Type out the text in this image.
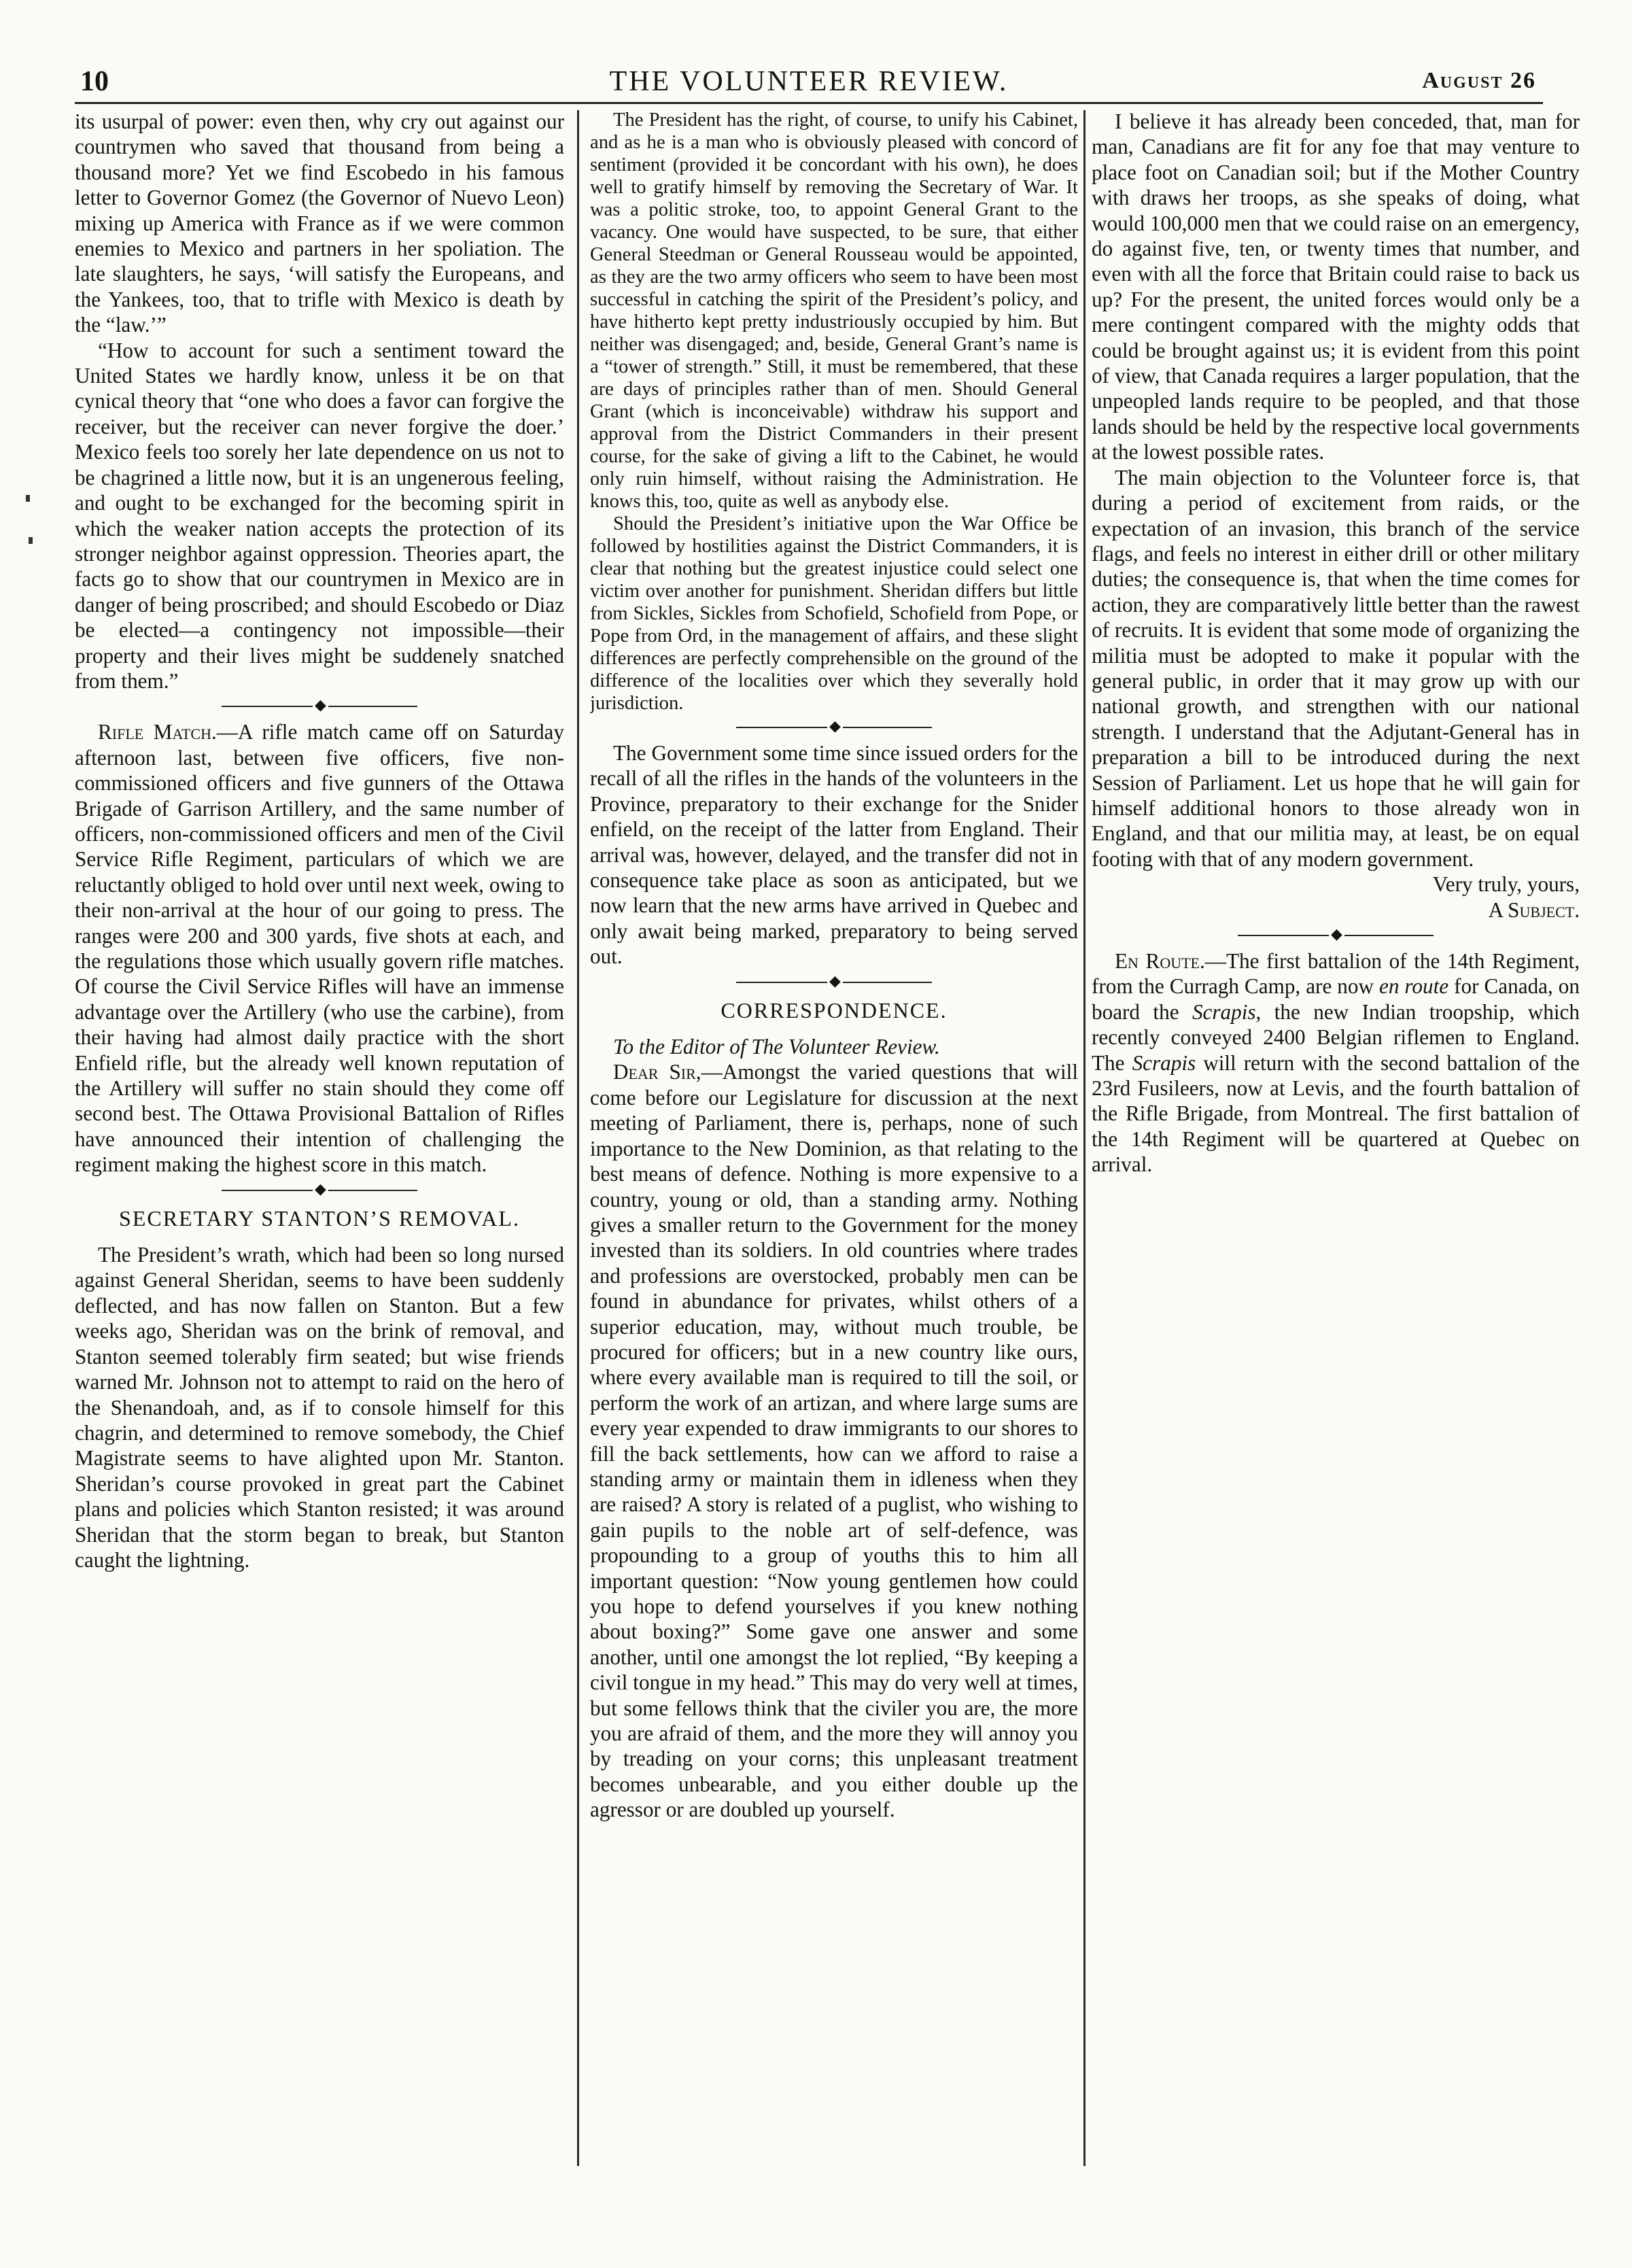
10	THE VOLUNTEER REVIEW.	August 26

its usurpal of power: even then, why cry out against our countrymen who saved that thousand from being a thousand more? Yet we find Escobedo in his famous letter to Governor Gomez (the Governor of Nuevo Leon) mixing up America with France as if we were common enemies to Mexico and partners in her spoliation. The late slaughters, he says, ‘will satisfy the Europeans, and the Yankees, too, that to trifle with Mexico is death by the “law.’”

“How to account for such a sentiment toward the United States we hardly know, unless it be on that cynical theory that “one who does a favor can forgive the receiver, but the receiver can never forgive the doer.’ Mexico feels too sorely her late dependence on us not to be chagrined a little now, but it is an ungenerous feeling, and ought to be exchanged for the becoming spirit in which the weaker nation accepts the protection of its stronger neighbor against oppression. Theories apart, the facts go to show that our countrymen in Mexico are in danger of being proscribed; and should Escobedo or Diaz be elected—a contingency not impossible—their property and their lives might be suddenely snatched from them.”

◆

Rifle Match.—A rifle match came off on Saturday afternoon last, between five officers, five non-commissioned officers and five gunners of the Ottawa Brigade of Garrison Artillery, and the same number of officers, non-commissioned officers and men of the Civil Service Rifle Regiment, particulars of which we are reluctantly obliged to hold over until next week, owing to their non-arrival at the hour of our going to press. The ranges were 200 and 300 yards, five shots at each, and the regulations those which usually govern rifle matches. Of course the Civil Service Rifles will have an immense advantage over the Artillery (who use the carbine), from their having had almost daily practice with the short Enfield rifle, but the already well known reputation of the Artillery will suffer no stain should they come off second best. The Ottawa Provisional Battalion of Rifles have announced their intention of challenging the regiment making the highest score in this match.

◆
SECRETARY STANTON’S REMOVAL.

The President’s wrath, which had been so long nursed against General Sheridan, seems to have been suddenly deflected, and has now fallen on Stanton. But a few weeks ago, Sheridan was on the brink of removal, and Stanton seemed tolerably firm seated; but wise friends warned Mr. Johnson not to attempt to raid on the hero of the Shenandoah, and, as if to console himself for this chagrin, and determined to remove somebody, the Chief Magistrate seems to have alighted upon Mr. Stanton. Sheridan’s course provoked in great part the Cabinet plans and policies which Stanton resisted; it was around Sheridan that the storm began to break, but Stanton caught the lightning.

The President has the right, of course, to unify his Cabinet, and as he is a man who is obviously pleased with concord of sentiment (provided it be concordant with his own), he does well to gratify himself by removing the Secretary of War. It was a politic stroke, too, to appoint General Grant to the vacancy. One would have suspected, to be sure, that either General Steedman or General Rousseau would be appointed, as they are the two army officers who seem to have been most successful in catching the spirit of the President’s policy, and have hitherto kept pretty industriously occupied by him. But neither was disengaged; and, beside, General Grant’s name is a “tower of strength.” Still, it must be remembered, that these are days of principles rather than of men. Should General Grant (which is inconceivable) withdraw his support and approval from the District Commanders in their present course, for the sake of giving a lift to the Cabinet, he would only ruin himself, without raising the Administration. He knows this, too, quite as well as anybody else.

Should the President’s initiative upon the War Office be followed by hostilities against the District Commanders, it is clear that nothing but the greatest injustice could select one victim over another for punishment. Sheridan differs but little from Sickles, Sickles from Schofield, Schofield from Pope, or Pope from Ord, in the management of affairs, and these slight differences are perfectly comprehensible on the ground of the difference of the localities over which they severally hold jurisdiction.

◆

The Government some time since issued orders for the recall of all the rifles in the hands of the volunteers in the Province, preparatory to their exchange for the Snider enfield, on the receipt of the latter from England. Their arrival was, however, delayed, and the transfer did not in consequence take place as soon as anticipated, but we now learn that the new arms have arrived in Quebec and only await being marked, preparatory to being served out.

◆
CORRESPONDENCE.

To the Editor of The Volunteer Review.

Dear Sir,—Amongst the varied questions that will come before our Legislature for discussion at the next meeting of Parliament, there is, perhaps, none of such importance to the New Dominion, as that relating to the best means of defence. Nothing is more expensive to a country, young or old, than a standing army. Nothing gives a smaller return to the Government for the money invested than its soldiers. In old countries where trades and professions are overstocked, probably men can be found in abundance for privates, whilst others of a superior education, may, without much trouble, be procured for officers; but in a new country like ours, where every available man is required to till the soil, or perform the work of an artizan, and where large sums are every year expended to draw immigrants to our shores to fill the back settlements, how can we afford to raise a standing army or maintain them in idleness when they are raised? A story is related of a puglist, who wishing to gain pupils to the noble art of self-defence, was propounding to a group of youths this to him all important question: “Now young gentlemen how could you hope to defend yourselves if you knew nothing about boxing?” Some gave one answer and some another, until one amongst the lot replied, “By keeping a civil tongue in my head.” This may do very well at times, but some fellows think that the civiler you are, the more you are afraid of them, and the more they will annoy you by treading on your corns; this unpleasant treatment becomes unbearable, and you either double up the agressor or are doubled up yourself.

I believe it has already been conceded, that, man for man, Canadians are fit for any foe that may venture to place foot on Canadian soil; but if the Mother Country with draws her troops, as she speaks of doing, what would 100,000 men that we could raise on an emergency, do against five, ten, or twenty times that number, and even with all the force that Britain could raise to back us up? For the present, the united forces would only be a mere contingent compared with the mighty odds that could be brought against us; it is evident from this point of view, that Canada requires a larger population, that the unpeopled lands require to be peopled, and that those lands should be held by the respective local governments at the lowest possible rates.

The main objection to the Volunteer force is, that during a period of excitement from raids, or the expectation of an invasion, this branch of the service flags, and feels no interest in either drill or other military duties; the consequence is, that when the time comes for action, they are comparatively little better than the rawest of recruits. It is evident that some mode of organizing the militia must be adopted to make it popular with the general public, in order that it may grow up with our national growth, and strengthen with our national strength. I understand that the Adjutant-General has in preparation a bill to be introduced during the next Session of Parliament. Let us hope that he will gain for himself additional honors to those already won in England, and that our militia may, at least, be on equal footing with that of any modern government.

Very truly, yours,

A Subject.

◆

En Route.—The first battalion of the 14th Regiment, from the Curragh Camp, are now en route for Canada, on board the Scrapis, the new Indian troopship, which recently conveyed 2400 Belgian riflemen to England. The Scrapis will return with the second battalion of the 23rd Fusileers, now at Levis, and the fourth battalion of the Rifle Brigade, from Montreal. The first battalion of the 14th Regiment will be quartered at Quebec on arrival.
